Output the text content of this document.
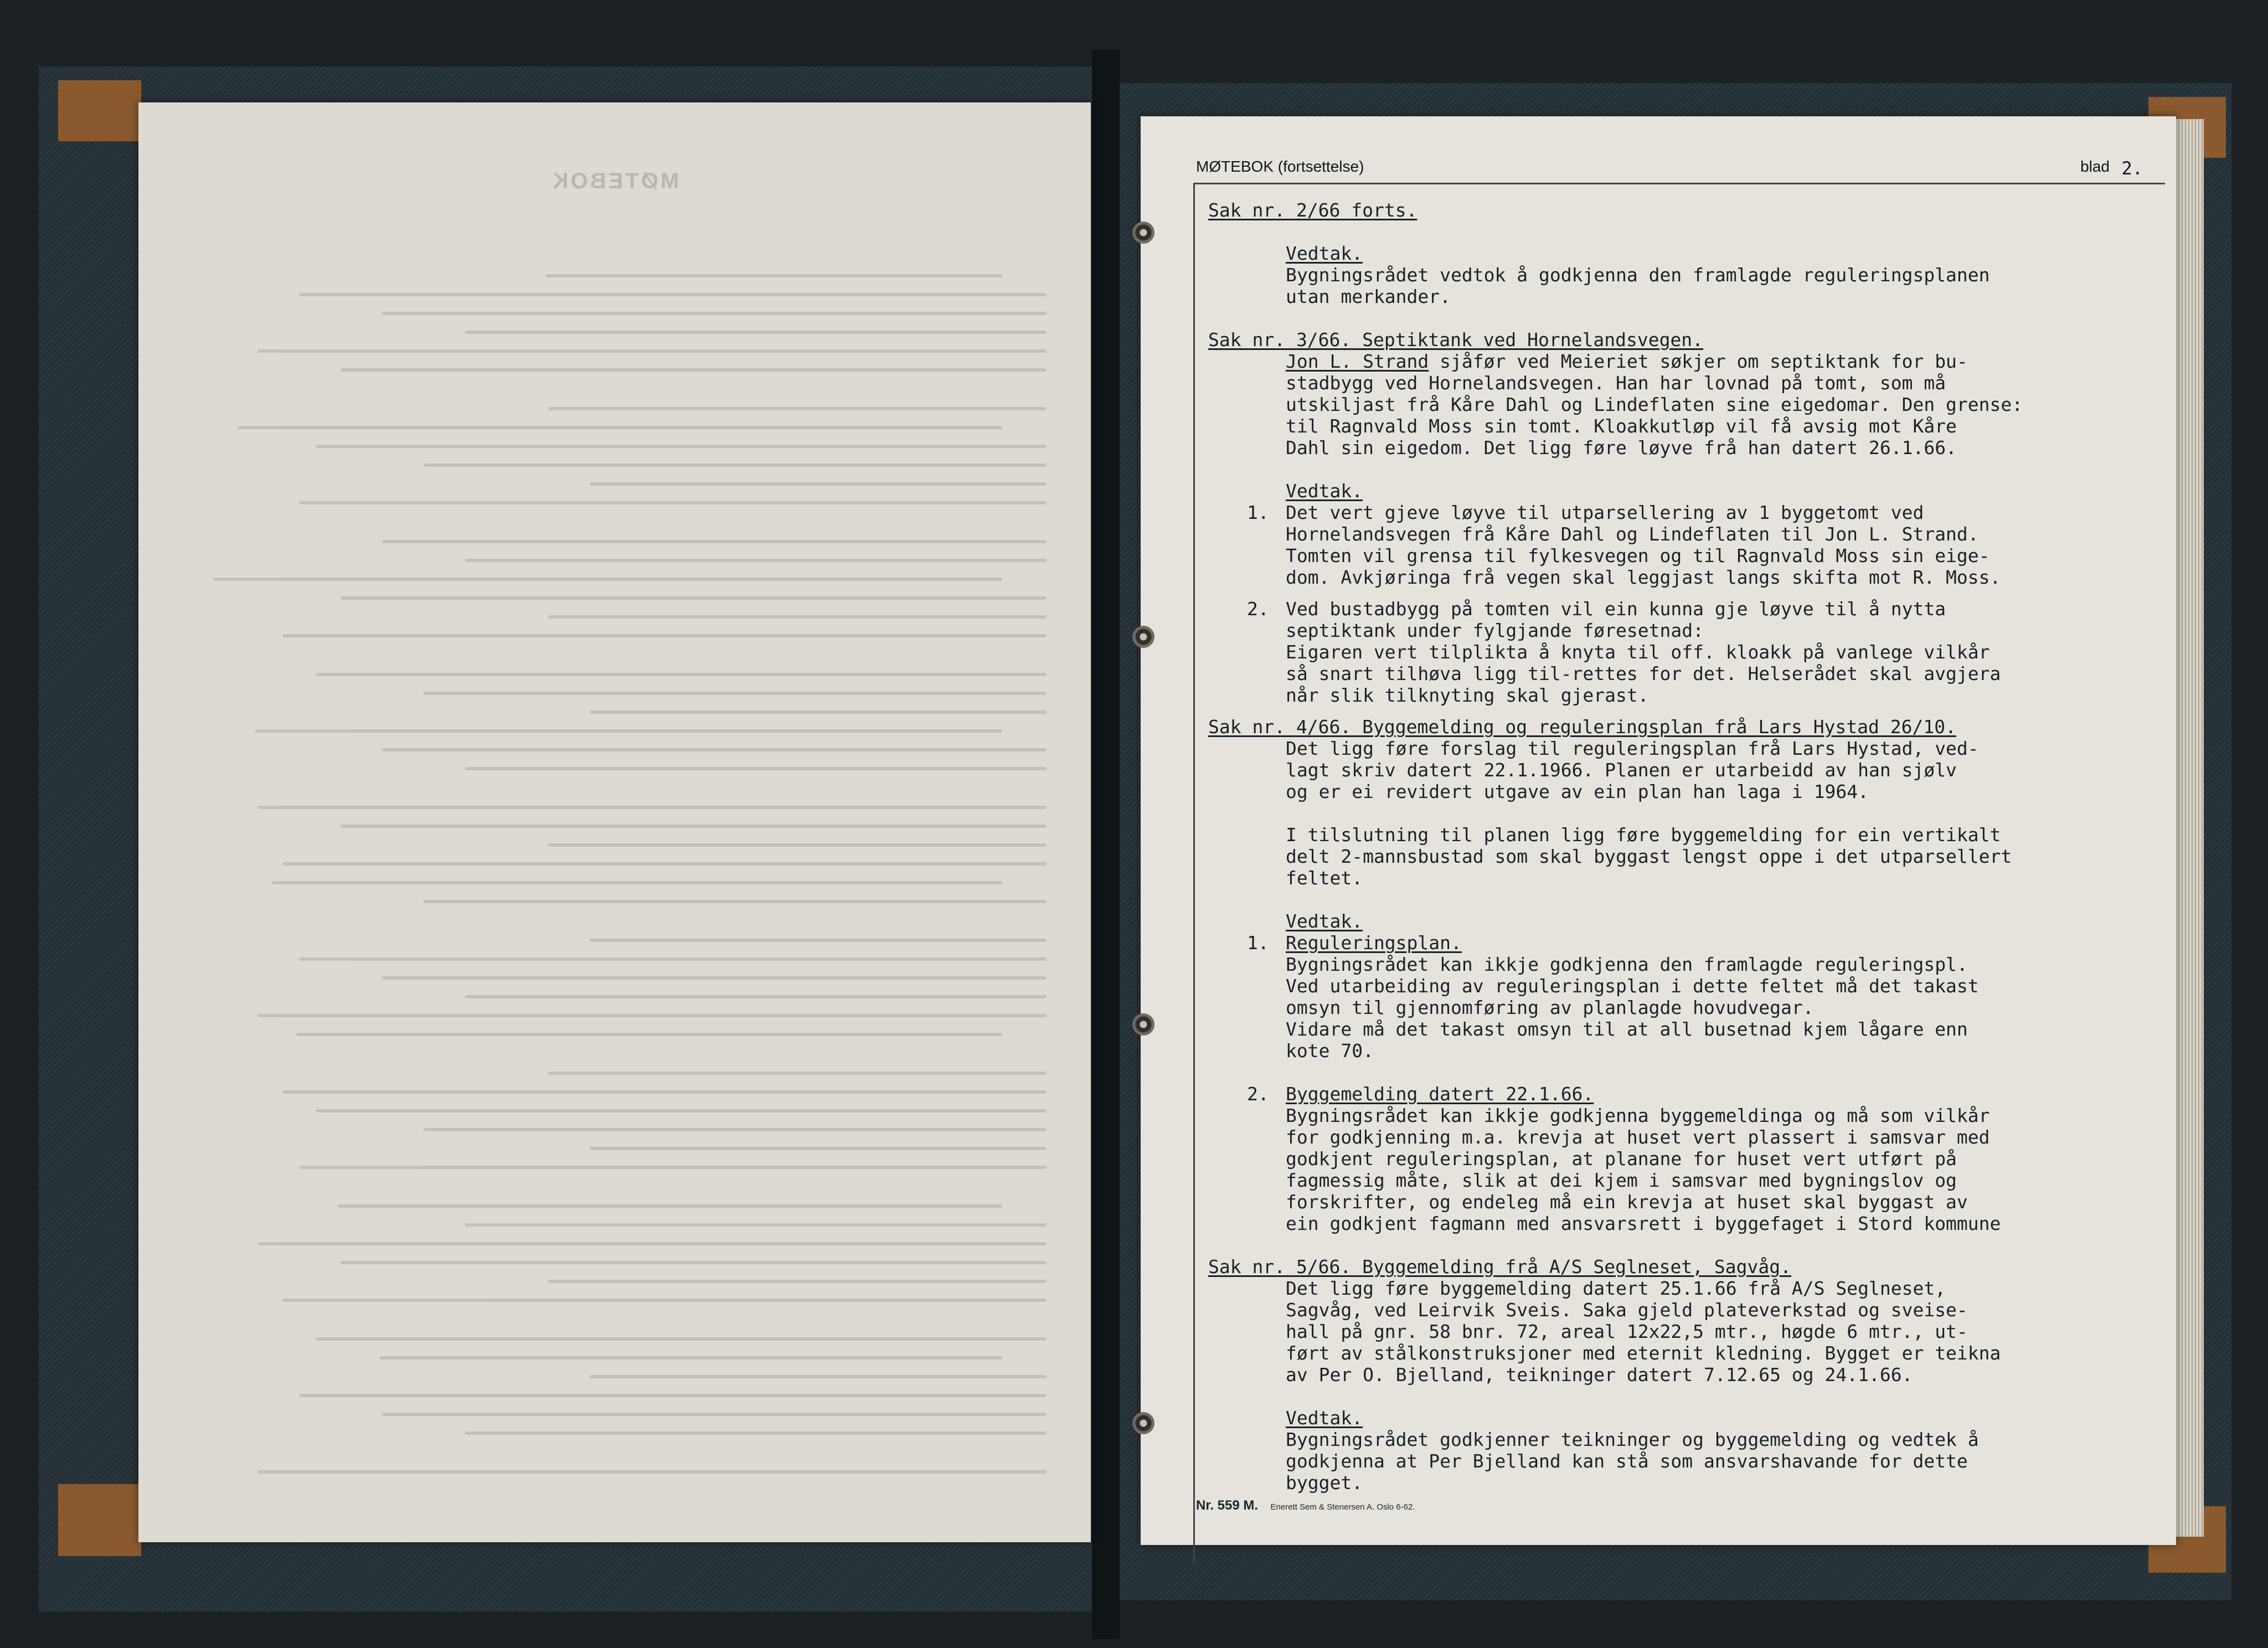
MØTEBOK
MØTEBOK (fortsettelse)	blad 2.
Nr. 559 M. Enerett Sem & Stenersen A. Oslo 6-62.
Sak nr. 2/66 forts.
Vedtak.
Bygningsrådet vedtok å godkjenna den framlagde reguleringsplanen
utan merkander.
Sak nr. 3/66. Septiktank ved Hornelandsvegen.
Jon L. Strand sjåfør ved Meieriet søkjer om septiktank for bu-
stadbygg ved Hornelandsvegen. Han har lovnad på tomt, som må
utskiljast frå Kåre Dahl og Lindeflaten sine eigedomar. Den grense:
til Ragnvald Moss sin tomt. Kloakkutløp vil få avsig mot Kåre
Dahl sin eigedom. Det ligg føre løyve frå han datert 26.1.66.
Vedtak.
1. Det vert gjeve løyve til utparsellering av 1 byggetomt ved
Hornelandsvegen frå Kåre Dahl og Lindeflaten til Jon L. Strand.
Tomten vil grensa til fylkesvegen og til Ragnvald Moss sin eige-
dom. Avkjøringa frå vegen skal leggjast langs skifta mot R. Moss.
2. Ved bustadbygg på tomten vil ein kunna gje løyve til å nytta
septiktank under fylgjande føresetnad:
Eigaren vert tilplikta å knyta til off. kloakk på vanlege vilkår
så snart tilhøva ligg til-rettes for det. Helserådet skal avgjera
når slik tilknyting skal gjerast.
Sak nr. 4/66. Byggemelding og reguleringsplan frå Lars Hystad 26/10.
Det ligg føre forslag til reguleringsplan frå Lars Hystad, ved-
lagt skriv datert 22.1.1966. Planen er utarbeidd av han sjølv
og er ei revidert utgave av ein plan han laga i 1964.
I tilslutning til planen ligg føre byggemelding for ein vertikalt
delt 2-mannsbustad som skal byggast lengst oppe i det utparsellert
feltet.
Vedtak.
1. Reguleringsplan.
Bygningsrådet kan ikkje godkjenna den framlagde reguleringspl.
Ved utarbeiding av reguleringsplan i dette feltet må det takast
omsyn til gjennomføring av planlagde hovudvegar.
Vidare må det takast omsyn til at all busetnad kjem lågare enn
kote 70.
2. Byggemelding datert 22.1.66.
Bygningsrådet kan ikkje godkjenna byggemeldinga og må som vilkår
for godkjenning m.a. krevja at huset vert plassert i samsvar med
godkjent reguleringsplan, at planane for huset vert utført på
fagmessig måte, slik at dei kjem i samsvar med bygningslov og
forskrifter, og endeleg må ein krevja at huset skal byggast av
ein godkjent fagmann med ansvarsrett i byggefaget i Stord kommune
Sak nr. 5/66. Byggemelding frå A/S Seglneset, Sagvåg.
Det ligg føre byggemelding datert 25.1.66 frå A/S Seglneset,
Sagvåg, ved Leirvik Sveis. Saka gjeld plateverkstad og sveise-
hall på gnr. 58 bnr. 72, areal 12x22,5 mtr., høgde 6 mtr., ut-
ført av stålkonstruksjoner med eternit kledning. Bygget er teikna
av Per O. Bjelland, teikninger datert 7.12.65 og 24.1.66.
Vedtak.
Bygningsrådet godkjenner teikninger og byggemelding og vedtek å
godkjenna at Per Bjelland kan stå som ansvarshavande for dette
bygget.
